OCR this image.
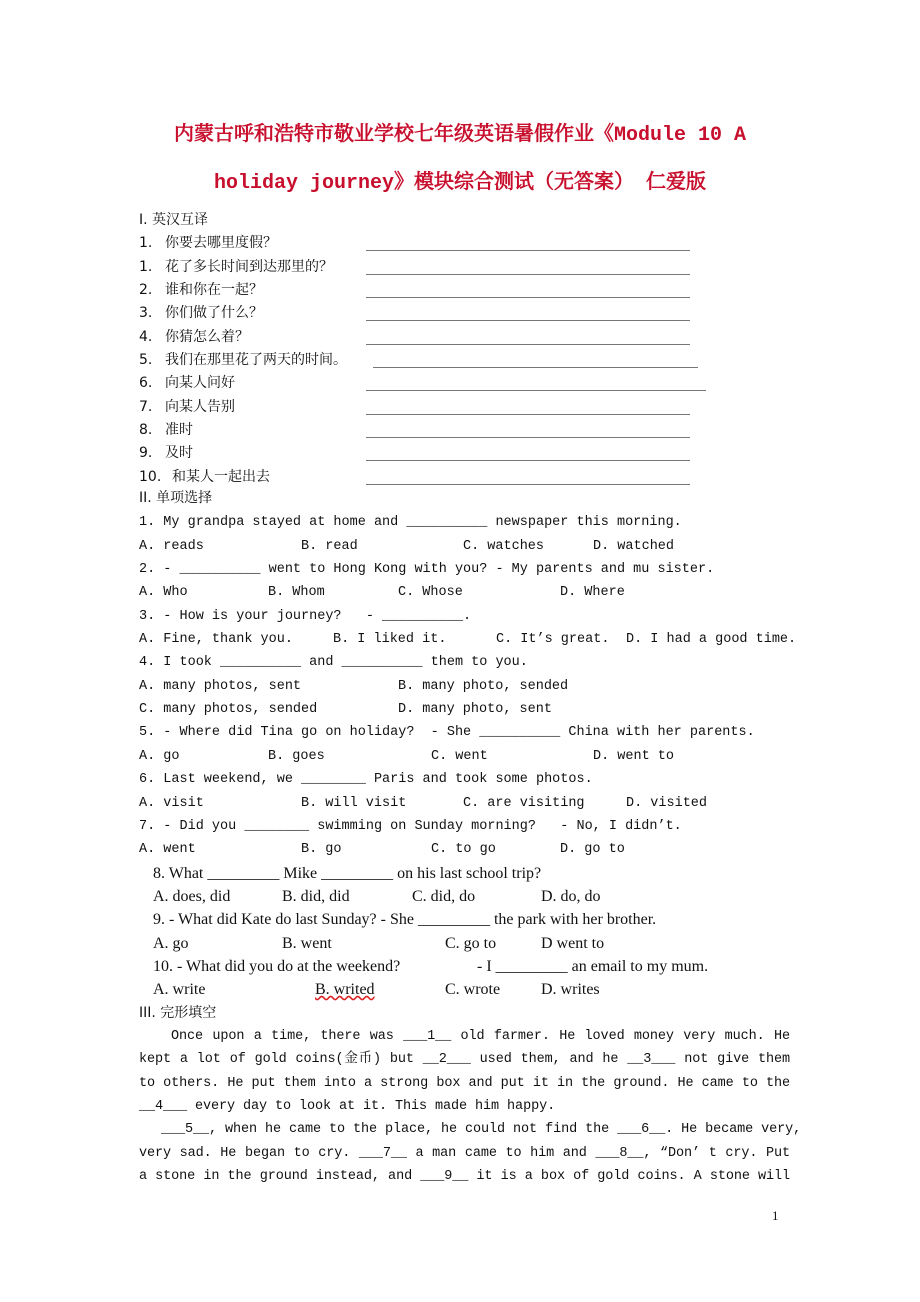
内蒙古呼和浩特市敬业学校七年级英语暑假作业《Module 10 A
holiday journey》模块综合测试（无答案） 仁爱版
I. 英汉互译
1. 你要去哪里度假？
1. 花了多长时间到达那里的？
2. 谁和你在一起？
3. 你们做了什么？
4. 你猜怎么着？
5. 我们在那里花了两天的时间。
6. 向某人问好
7. 向某人告别
8. 准时
9. 及时
10. 和某人一起出去
II. 单项选择
1. My grandpa stayed at home and __________ newspaper this morning.
A. reads	B. read	C. watches	D. watched
2. - __________ went to Hong Kong with you? - My parents and mu sister.
A. Who	B. Whom	C. Whose	D. Where
3. - How is your journey?   - __________.
A. Fine, thank you.	B. I liked it.	C. It’s great. D. I had a good time.
4. I took __________ and __________ them to you.
A. many photos, sent	B. many photo, sended
C. many photos, sended	D. many photo, sent
5. - Where did Tina go on holiday?  - She __________ China with her parents.
A. go	B. goes	C. went	D. went to
6. Last weekend, we ________ Paris and took some photos.
A. visit	B. will visit	C. are visiting	D. visited
7. - Did you ________ swimming on Sunday morning?   - No, I didn’t.
A. went	B. go	C. to go	D. go to
8. What _________ Mike _________ on his last school trip?
A. does, did	B. did, did	C. did, do	D. do, do
9. - What did Kate do last Sunday? - She _________ the park with her brother.
A. go	B. went	C. go to	D went to
10. - What did you do at the weekend?	- I _________ an email to my mum.
A. write	B. writed	C. wrote	D. writes
III. 完形填空
Once upon a time, there was ___1__ old farmer. He loved money very much. He
kept a lot of gold coins(金币) but __2___ used them, and he __3___ not give them
to others. He put them into a strong box and put it in the ground. He came to the
__4___ every day to look at it. This made him happy.
___5__, when he came to the place, he could not find the ___6__. He became very,
very sad. He began to cry. ___7__ a man came to him and ___8__, “Don’ t cry. Put
a stone in the ground instead, and ___9__ it is a box of gold coins. A stone will
1
